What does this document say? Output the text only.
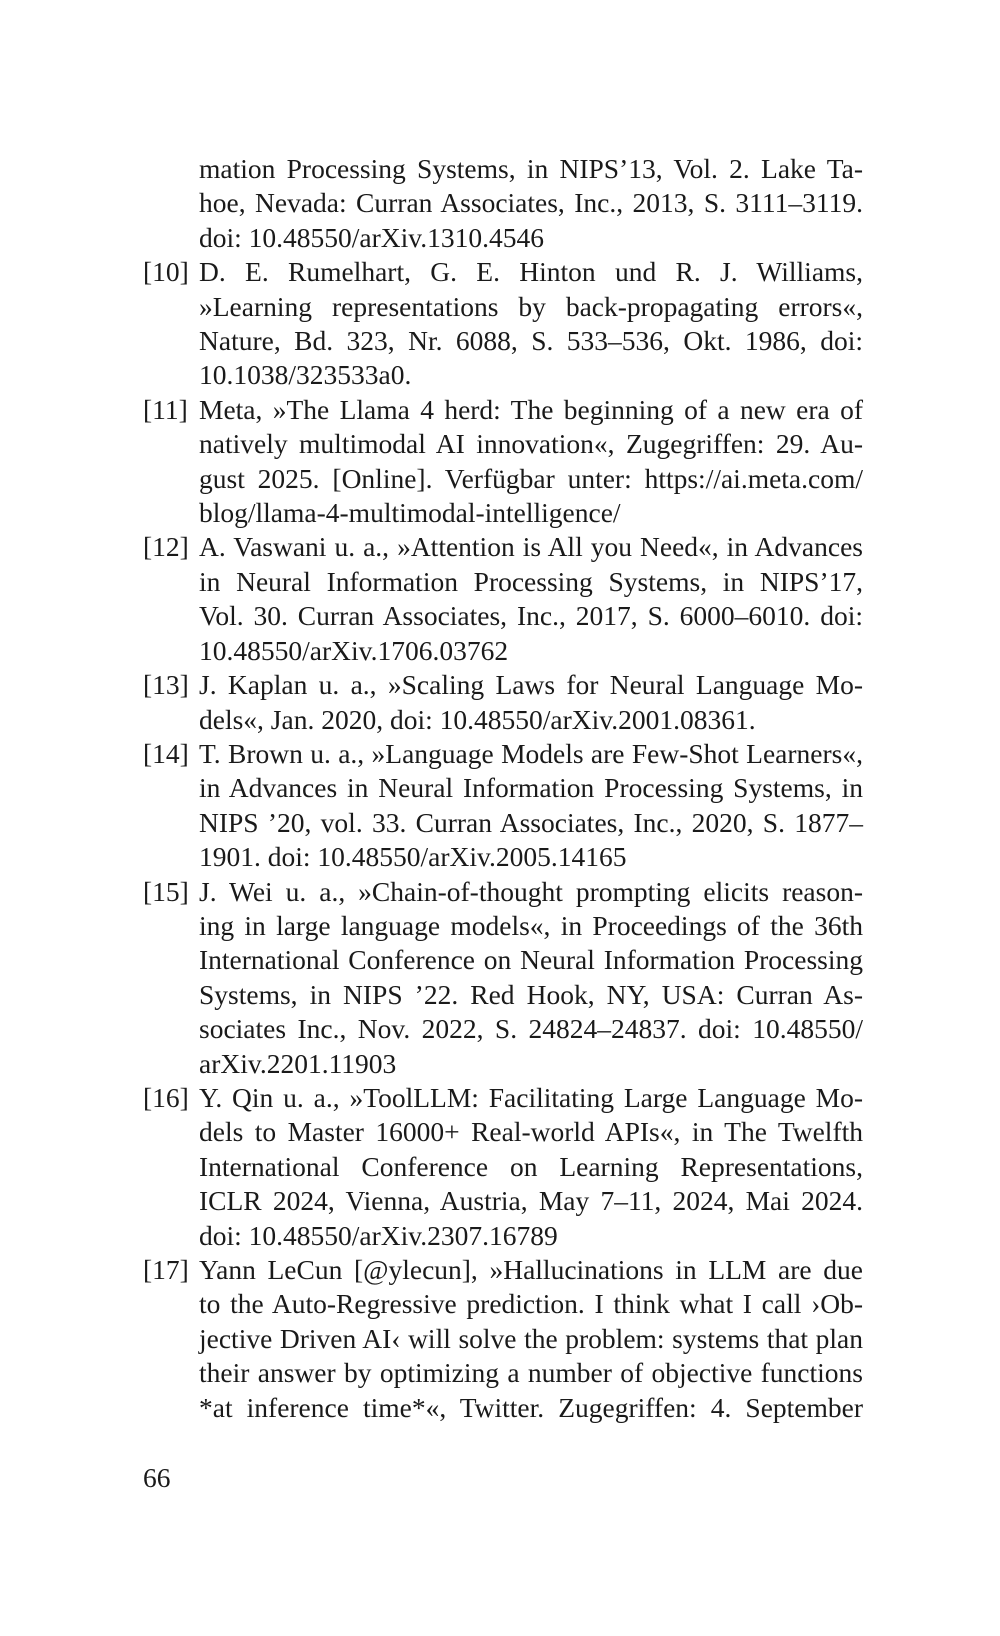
mation Processing Systems, in NIPS’13, Vol. 2. Lake Ta-
hoe, Nevada: Curran Associates, Inc., 2013, S. 3111–3119.
doi: 10.48550/arXiv.1310.4546
[10] D. E. Rumelhart, G. E. Hinton und R. J. Williams,
»Learning representations by back-propagating errors«,
Nature, Bd. 323, Nr. 6088, S. 533–536, Okt. 1986, doi:
10.1038/323533a0.
[11] Meta, »The Llama 4 herd: The beginning of a new era of
natively multimodal AI innovation«, Zugegriffen: 29. Au-
gust 2025. [Online]. Verfügbar unter: https://ai.meta.com/
blog/llama-4-multimodal-intelligence/
[12] A. Vaswani u. a., »Attention is All you Need«, in Advances
in Neural Information Processing Systems, in NIPS’17,
Vol. 30. Curran Associates, Inc., 2017, S. 6000–6010. doi:
10.48550/arXiv.1706.03762
[13] J. Kaplan u. a., »Scaling Laws for Neural Language Mo-
dels«, Jan. 2020, doi: 10.48550/arXiv.2001.08361.
[14] T. Brown u. a., »Language Models are Few-Shot Learners«,
in Advances in Neural Information Processing Systems, in
NIPS ’20, vol. 33. Curran Associates, Inc., 2020, S. 1877–
1901. doi: 10.48550/arXiv.2005.14165
[15] J. Wei u. a., »Chain-of-thought prompting elicits reason-
ing in large language models«, in Proceedings of the 36th
International Conference on Neural Information Processing
Systems, in NIPS ’22. Red Hook, NY, USA: Curran As-
sociates Inc., Nov. 2022, S. 24824–24837. doi: 10.48550/
arXiv.2201.11903
[16] Y. Qin u. a., »ToolLLM: Facilitating Large Language Mo-
dels to Master 16000+ Real-world APIs«, in The Twelfth
International Conference on Learning Representations,
ICLR 2024, Vienna, Austria, May 7–11, 2024, Mai 2024.
doi: 10.48550/arXiv.2307.16789
[17] Yann LeCun [@ylecun], »Hallucinations in LLM are due
to the Auto-Regressive prediction. I think what I call ›Ob-
jective Driven AI‹ will solve the problem: systems that plan
their answer by optimizing a number of objective functions
*at inference time*«, Twitter. Zugegriffen: 4. September
66
